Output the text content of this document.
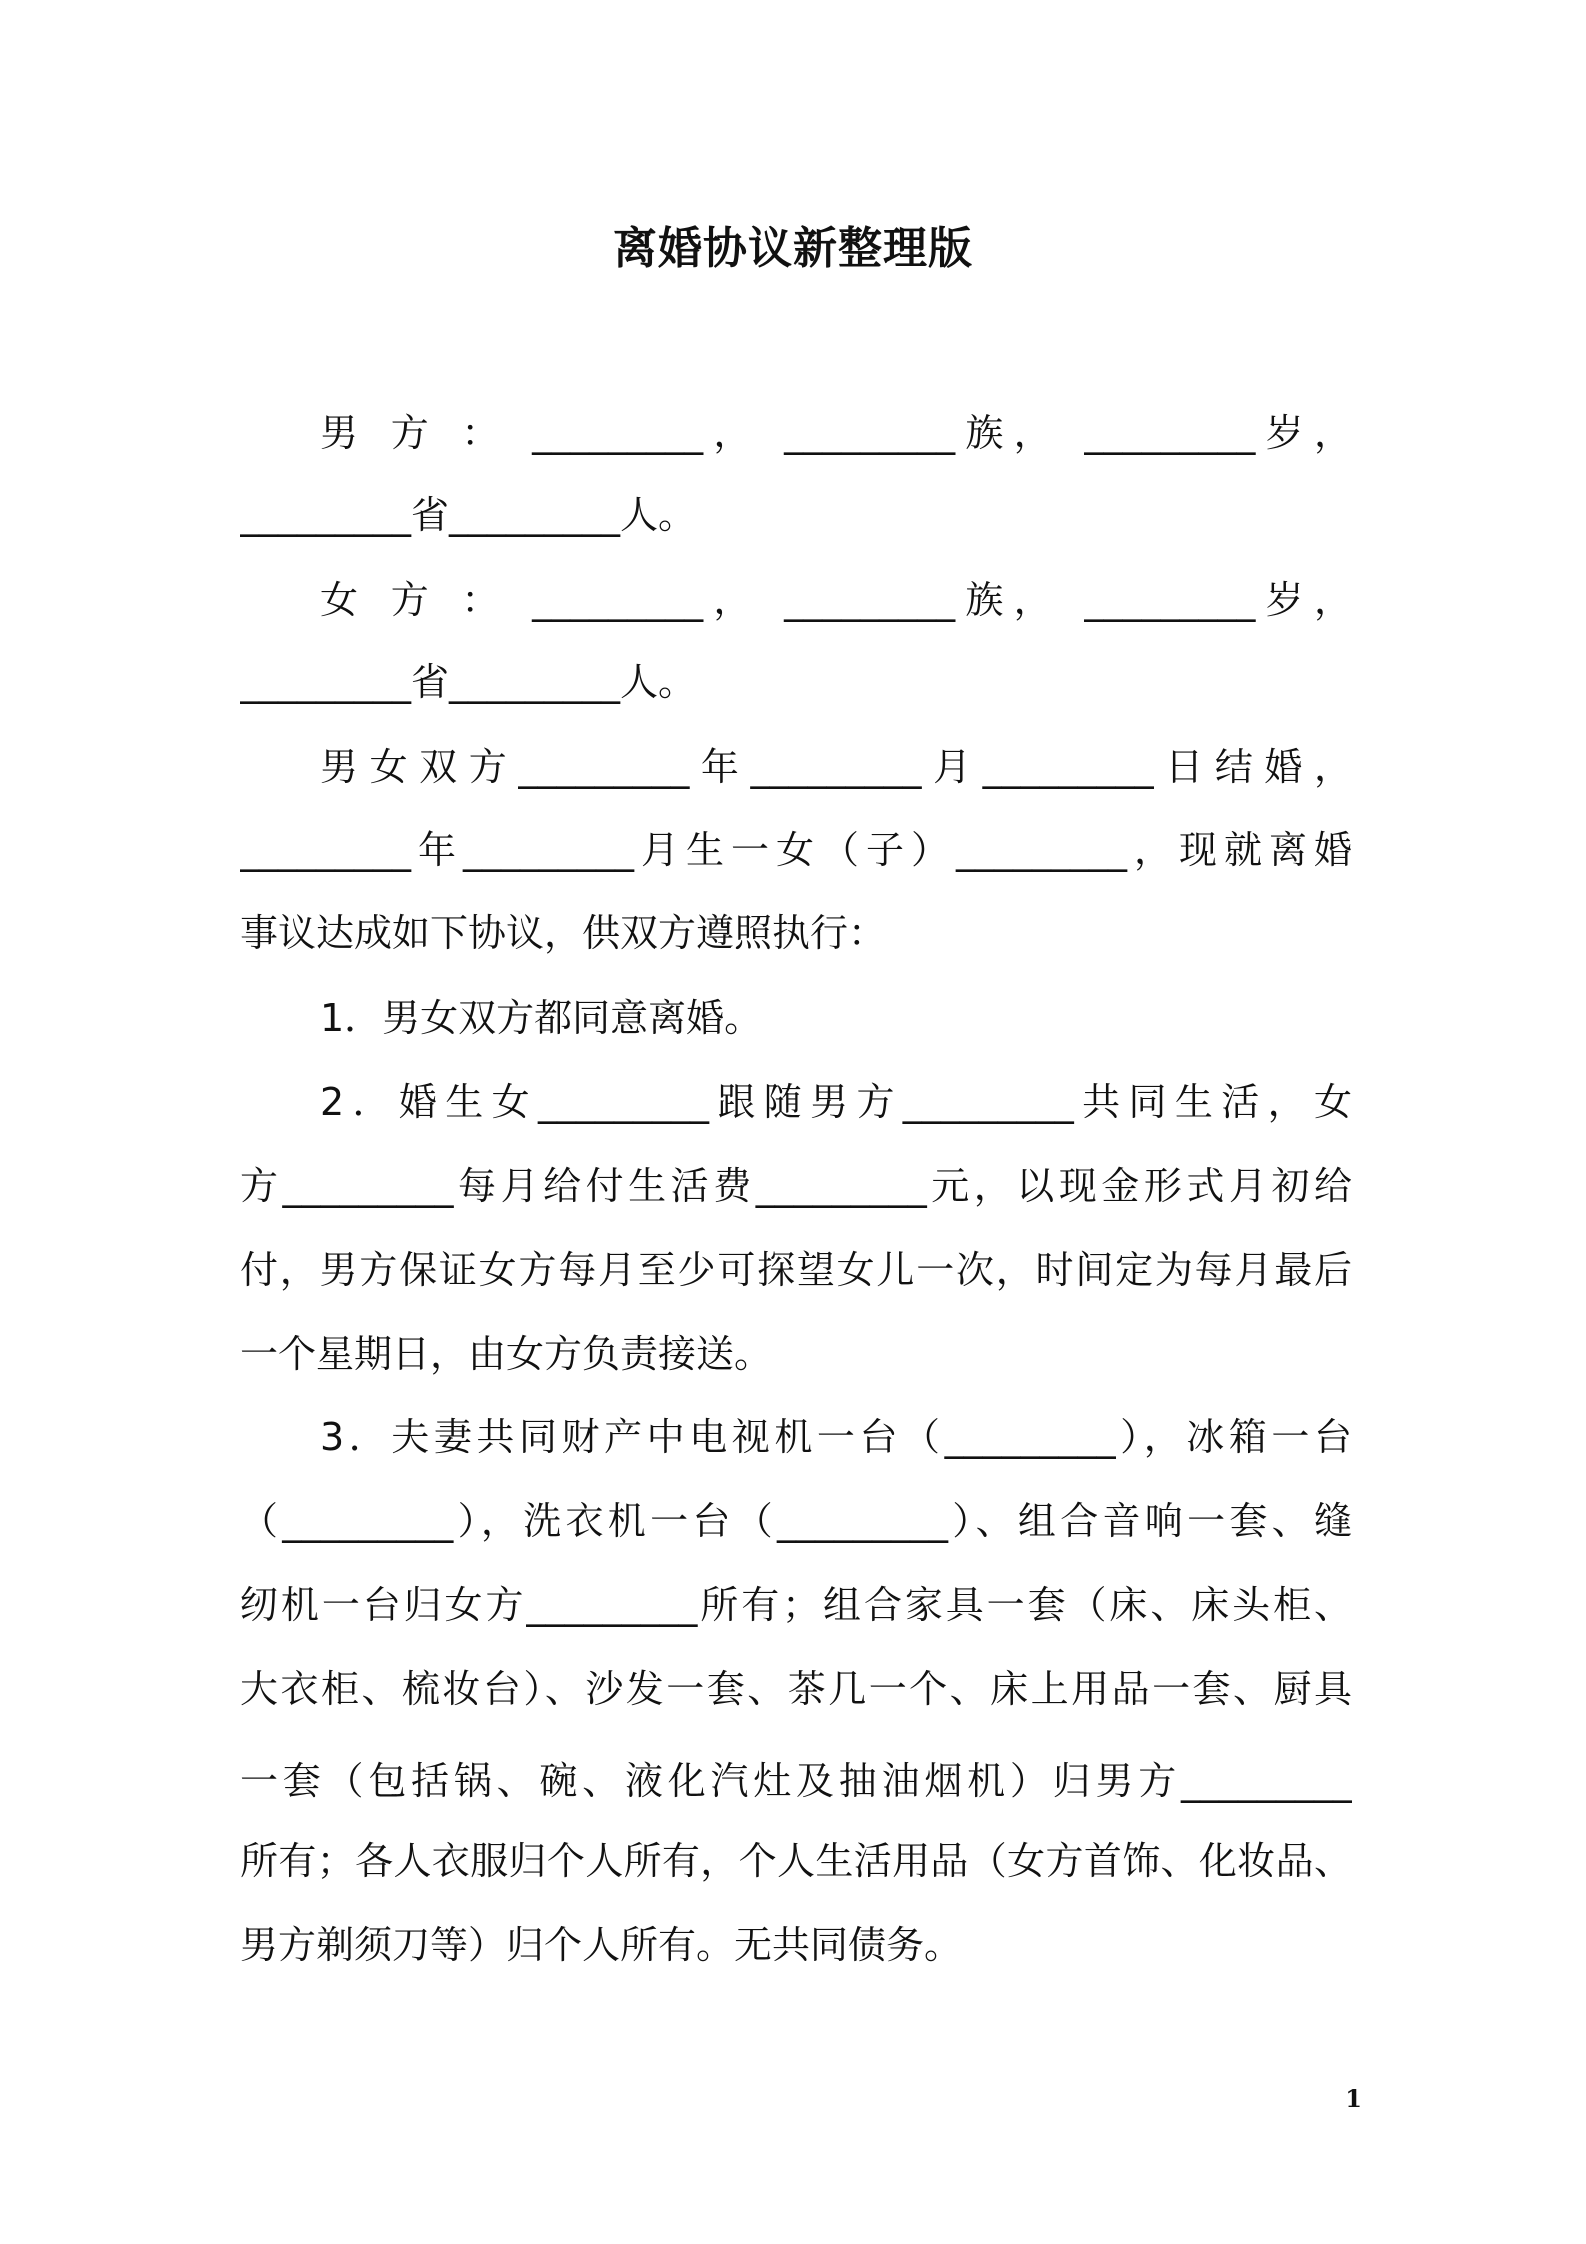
离婚协议新整理版
男 方 ： _________， _________族， _________岁，
_________省_________人。
女 方 ： _________， _________族， _________岁，
_________省_________人。
男女双方_________年_________月_________日结婚，
_________年_________月生一女（子）_________，现就离婚
事议达成如下协议，供双方遵照执行：
1．男女双方都同意离婚。
2．婚生女_________跟随男方_________共同生活，女
方_________每月给付生活费_________元，以现金形式月初给
付，男方保证女方每月至少可探望女儿一次，时间定为每月最后
一个星期日，由女方负责接送。
3．夫妻共同财产中电视机一台（_________），冰箱一台
（_________），洗衣机一台（_________）、组合音响一套、缝
纫机一台归女方_________所有；组合家具一套（床、床头柜、
大衣柜、梳妆台）、沙发一套、茶几一个、床上用品一套、厨具
一套（包括锅、碗、液化汽灶及抽油烟机）归男方_________
所有；各人衣服归个人所有，个人生活用品（女方首饰、化妆品、
男方剃须刀等）归个人所有。无共同债务。
1
